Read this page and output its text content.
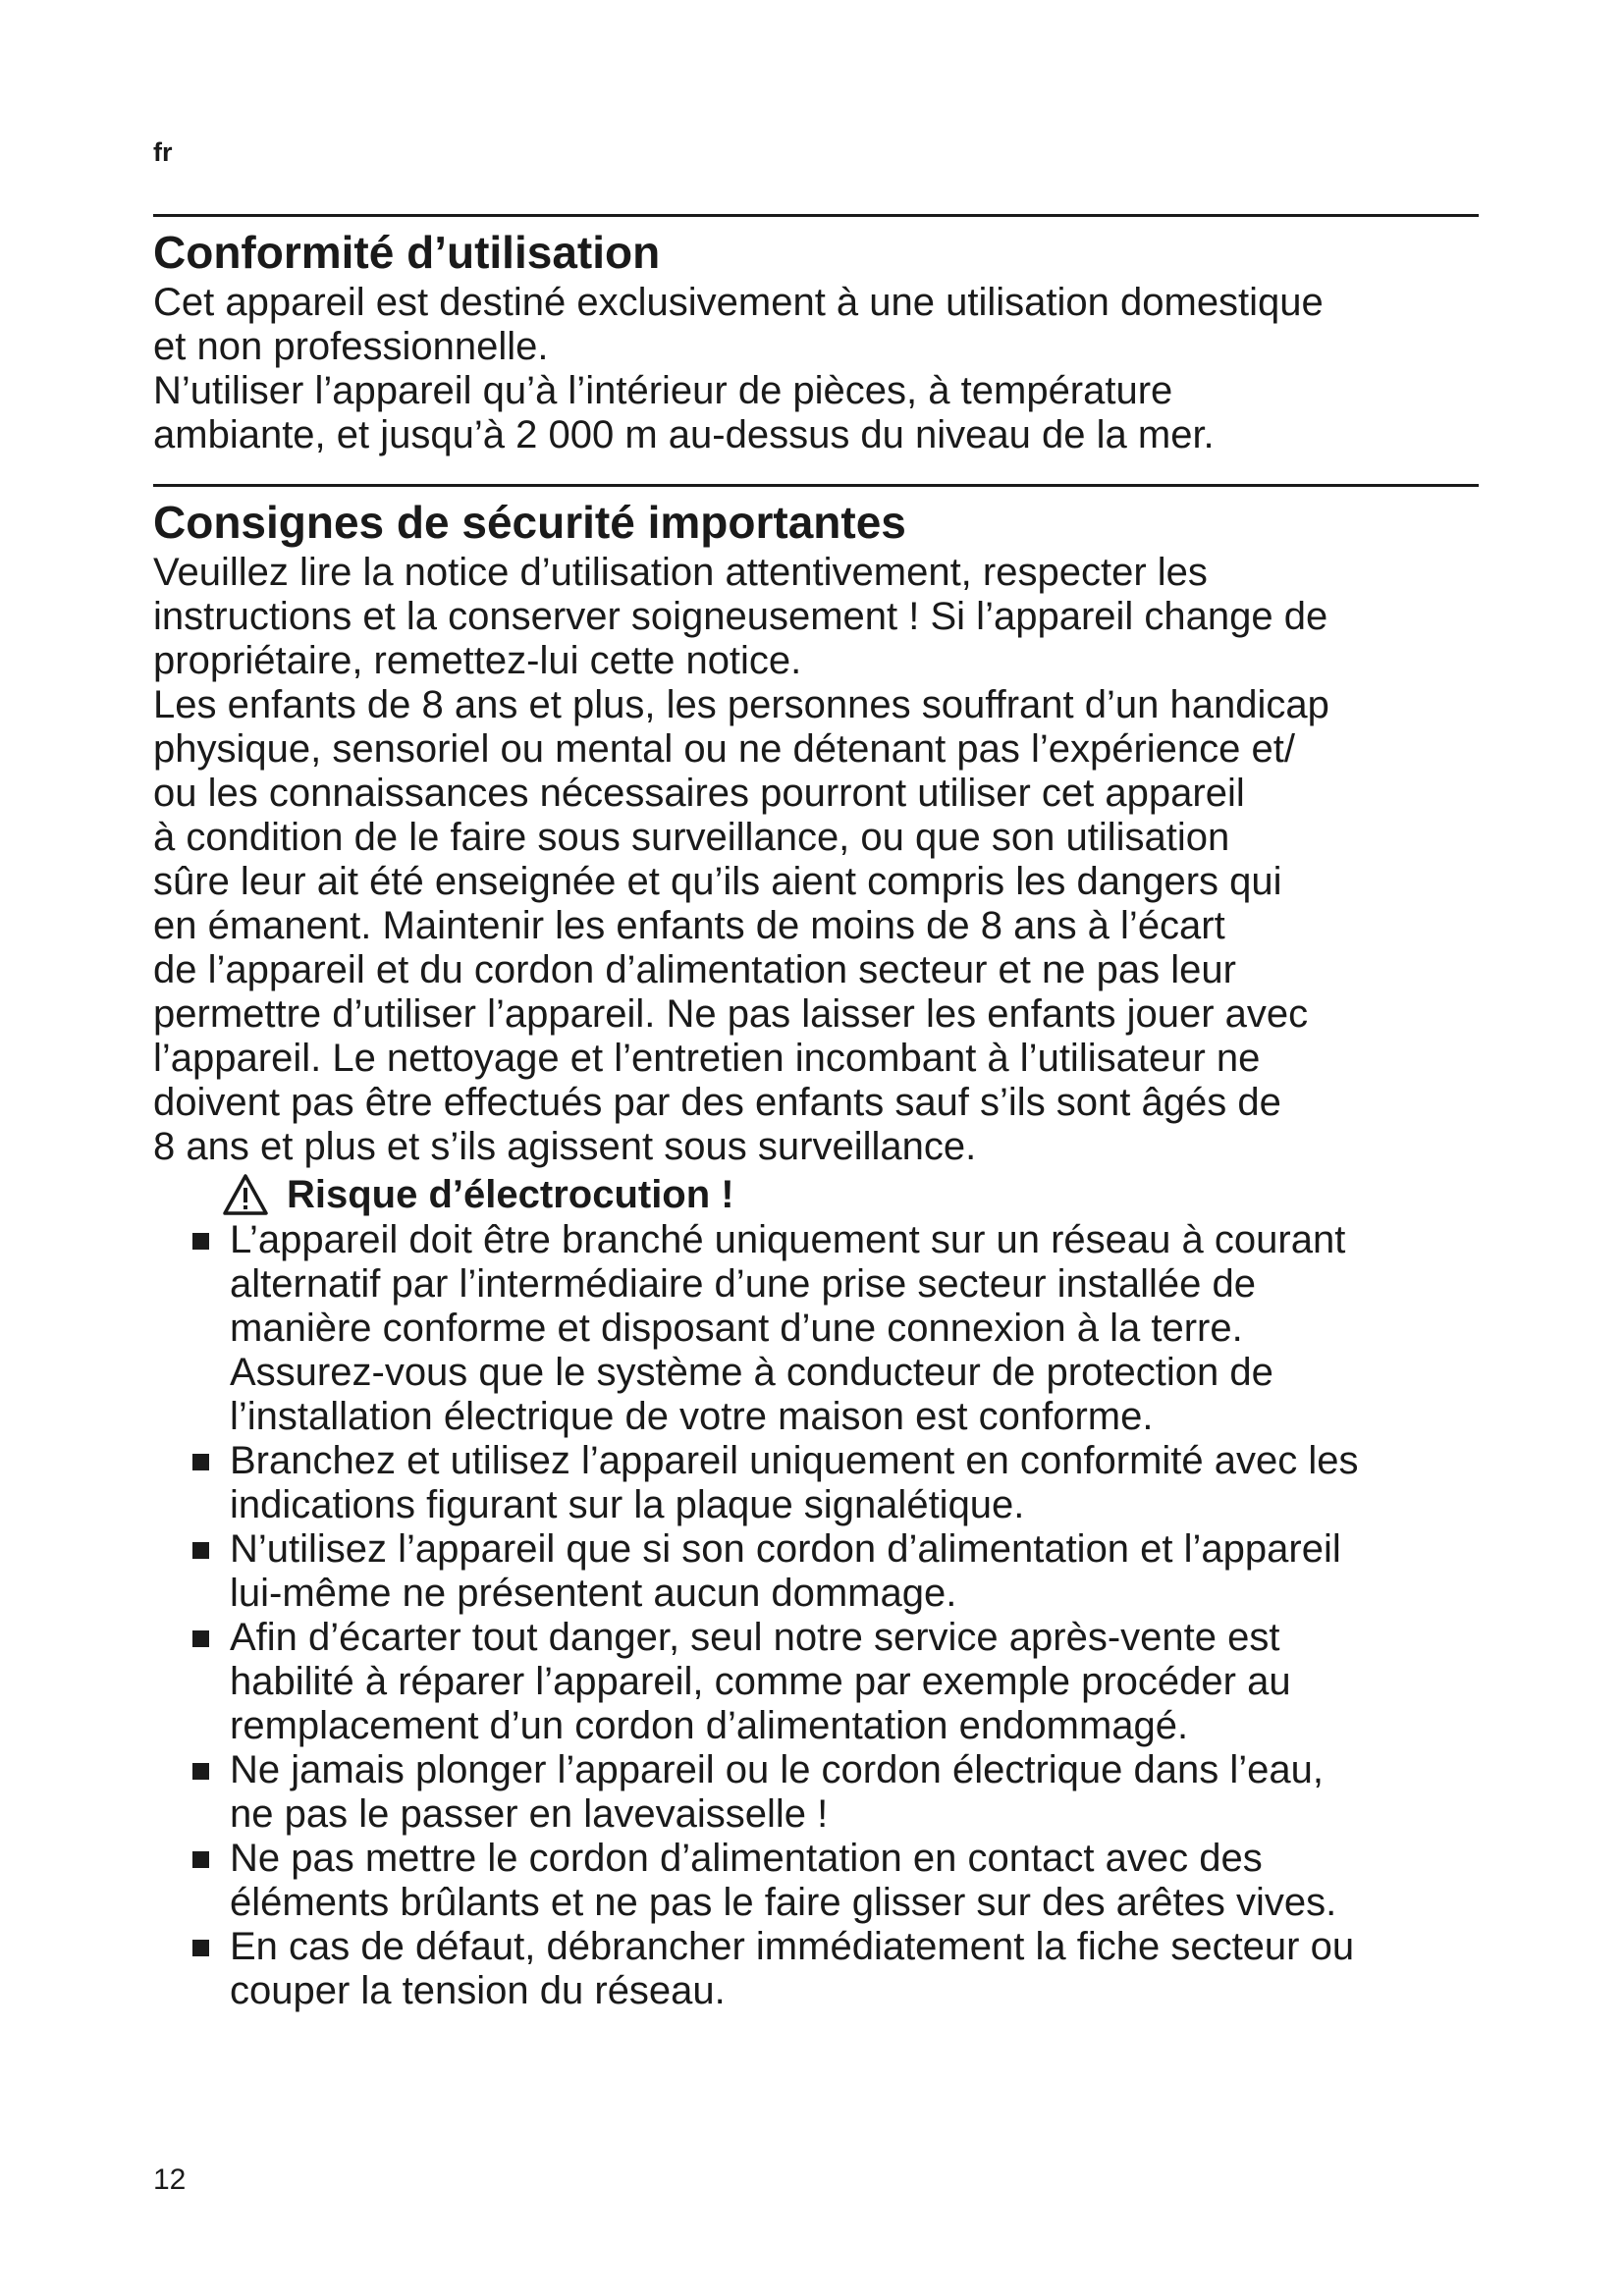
fr
Conformité d’utilisation

Cet appareil est destiné exclusivement à une utilisation domestique

et non professionnelle.

N’utiliser l’appareil qu’à l’intérieur de pièces, à température

ambiante, et jusqu’à 2 000 m au-dessus du niveau de la mer.

Consignes de sécurité importantes

Veuillez lire la notice d’utilisation attentivement, respecter les

instructions et la conserver soigneusement ! Si l’appareil change de

propriétaire, remettez-lui cette notice.

Les enfants de 8 ans et plus, les personnes souffrant d’un handicap

physique, sensoriel ou mental ou ne détenant pas l’expérience et/

ou les connaissances nécessaires pourront utiliser cet appareil

à condition de le faire sous surveillance, ou que son utilisation

sûre leur ait été enseignée et qu’ils aient compris les dangers qui

en émanent. Maintenir les enfants de moins de 8 ans à l’écart

de l’appareil et du cordon d’alimentation secteur et ne pas leur

permettre d’utiliser l’appareil. Ne pas laisser les enfants jouer avec

l’appareil. Le nettoyage et l’entretien incombant à l’utilisateur ne

doivent pas être effectués par des enfants sauf s’ils sont âgés de

8 ans et plus et s’ils agissent sous surveillance.

Risque d’électrocution !

L’appareil doit être branché uniquement sur un réseau à courant

alternatif par l’intermédiaire d’une prise secteur installée de

manière conforme et disposant d’une connexion à la terre.

Assurez-vous que le système à conducteur de protection de

l’installation électrique de votre maison est conforme.

Branchez et utilisez l’appareil uniquement en conformité avec les

indications figurant sur la plaque signalétique.

N’utilisez l’appareil que si son cordon d’alimentation et l’appareil

lui-même ne présentent aucun dommage.

Afin d’écarter tout danger, seul notre service après-vente est

habilité à réparer l’appareil, comme par exemple procéder au

remplacement d’un cordon d’alimentation endommagé.

Ne jamais plonger l’appareil ou le cordon électrique dans l’eau,

ne pas le passer en lavevaisselle !

Ne pas mettre le cordon d’alimentation en contact avec des

éléments brûlants et ne pas le faire glisser sur des arêtes vives.

En cas de défaut, débrancher immédiatement la fiche secteur ou

couper la tension du réseau.

12
